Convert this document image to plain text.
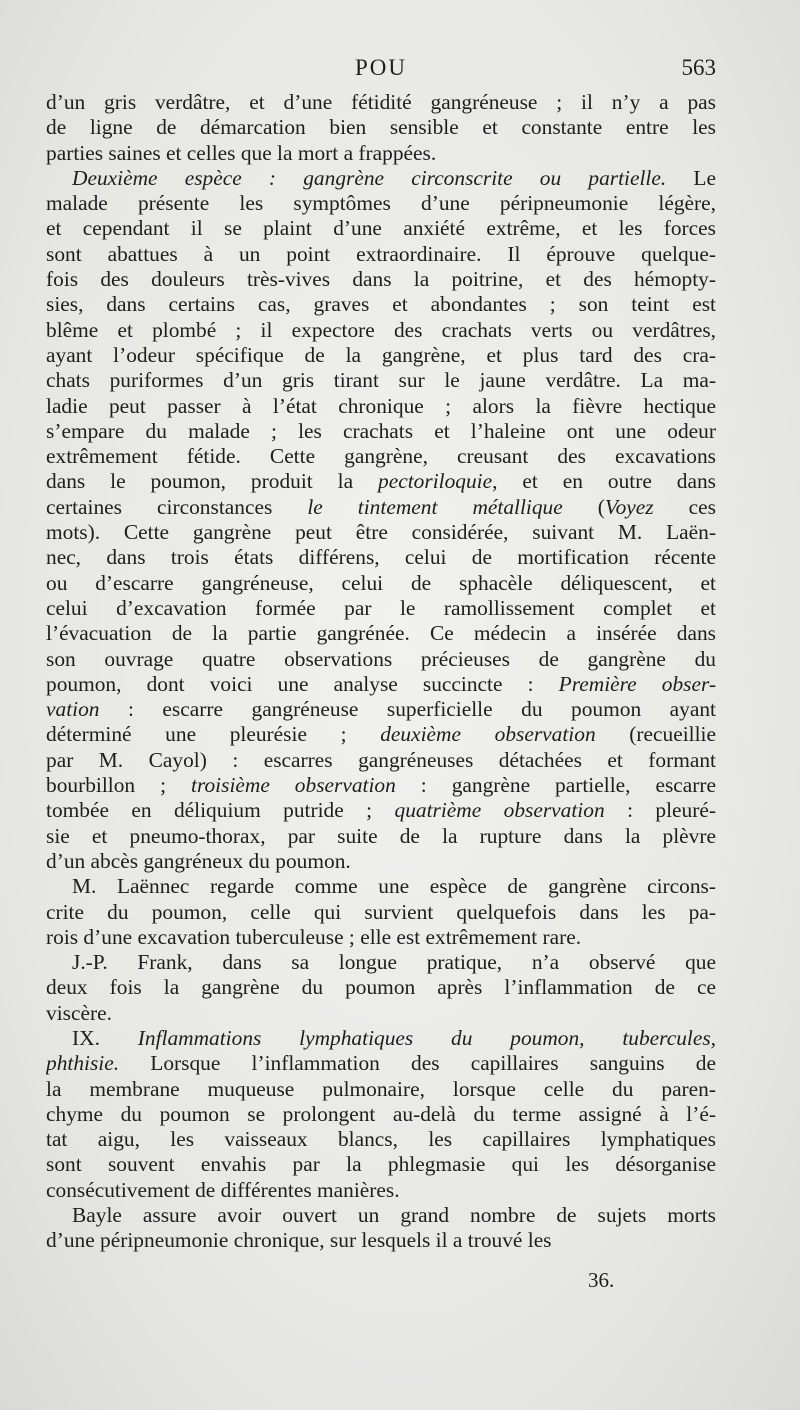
POU	563
d’un gris verdâtre, et d’une fétidité gangréneuse ; il n’y a pas
de ligne de démarcation bien sensible et constante entre les
parties saines et celles que la mort a frappées.
Deuxième espèce : gangrène circonscrite ou partielle. Le
malade présente les symptômes d’une péripneumonie légère,
et cependant il se plaint d’une anxiété extrême, et les forces
sont abattues à un point extraordinaire. Il éprouve quelque-
fois des douleurs très-vives dans la poitrine, et des hémopty-
sies, dans certains cas, graves et abondantes ; son teint est
blême et plombé ; il expectore des crachats verts ou verdâtres,
ayant l’odeur spécifique de la gangrène, et plus tard des cra-
chats puriformes d’un gris tirant sur le jaune verdâtre. La ma-
ladie peut passer à l’état chronique ; alors la fièvre hectique
s’empare du malade ; les crachats et l’haleine ont une odeur
extrêmement fétide. Cette gangrène, creusant des excavations
dans le poumon, produit la pectoriloquie, et en outre dans
certaines circonstances le tintement métallique (Voyez ces
mots). Cette gangrène peut être considérée, suivant M. Laën-
nec, dans trois états différens, celui de mortification récente
ou d’escarre gangréneuse, celui de sphacèle déliquescent, et
celui d’excavation formée par le ramollissement complet et
l’évacuation de la partie gangrénée. Ce médecin a insérée dans
son ouvrage quatre observations précieuses de gangrène du
poumon, dont voici une analyse succincte : Première obser-
vation : escarre gangréneuse superficielle du poumon ayant
déterminé une pleurésie ; deuxième observation (recueillie
par M. Cayol) : escarres gangréneuses détachées et formant
bourbillon ; troisième observation : gangrène partielle, escarre
tombée en déliquium putride ; quatrième observation : pleuré-
sie et pneumo-thorax, par suite de la rupture dans la plèvre
d’un abcès gangréneux du poumon.
M. Laënnec regarde comme une espèce de gangrène circons-
crite du poumon, celle qui survient quelquefois dans les pa-
rois d’une excavation tuberculeuse ; elle est extrêmement rare.
J.-P. Frank, dans sa longue pratique, n’a observé que
deux fois la gangrène du poumon après l’inflammation de ce
viscère.
IX. Inflammations lymphatiques du poumon, tubercules,
phthisie. Lorsque l’inflammation des capillaires sanguins de
la membrane muqueuse pulmonaire, lorsque celle du paren-
chyme du poumon se prolongent au-delà du terme assigné à l’é-
tat aigu, les vaisseaux blancs, les capillaires lymphatiques
sont souvent envahis par la phlegmasie qui les désorganise
consécutivement de différentes manières.
Bayle assure avoir ouvert un grand nombre de sujets morts
d’une péripneumonie chronique, sur lesquels il a trouvé les
36.
